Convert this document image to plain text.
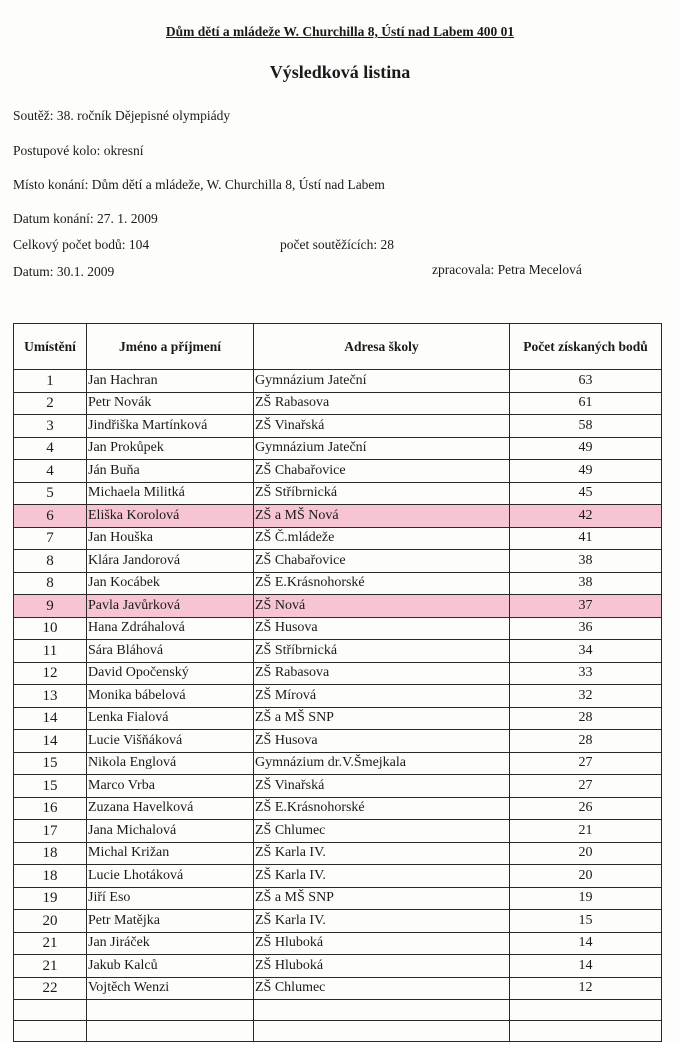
Dům dětí a mládeže W. Churchilla 8, Ústí nad Labem 400 01
Výsledková listina
Soutěž: 38. ročník Dějepisné olympiády
Postupové kolo: okresní
Místo konání: Dům dětí a mládeže, W. Churchilla 8, Ústí nad Labem
Datum konání: 27. 1. 2009
Celkový počet bodů: 104	počet soutěžících: 28
Datum: 30.1. 2009	zpracovala: Petra Mecelová
Umístění	Jméno a příjmení	Adresa školy	Počet získaných bodů
1	Jan Hachran	Gymnázium Jateční	63
2	Petr Novák	ZŠ Rabasova	61
3	Jindřiška Martínková	ZŠ Vinařská	58
4	Jan Prokůpek	Gymnázium Jateční	49
4	Ján Buňa	ZŠ Chabařovice	49
5	Michaela Militká	ZŠ Stříbrnická	45
6	Eliška Korolová	ZŠ a MŠ Nová	42
7	Jan Houška	ZŠ Č.mládeže	41
8	Klára Jandorová	ZŠ Chabařovice	38
8	Jan Kocábek	ZŠ E.Krásnohorské	38
9	Pavla Javůrková	ZŠ Nová	37
10	Hana Zdráhalová	ZŠ Husova	36
11	Sára Bláhová	ZŠ Stříbrnická	34
12	David Opočenský	ZŠ Rabasova	33
13	Monika bábelová	ZŠ Mírová	32
14	Lenka Fialová	ZŠ a MŠ SNP	28
14	Lucie Višňáková	ZŠ Husova	28
15	Nikola Englová	Gymnázium dr.V.Šmejkala	27
15	Marco Vrba	ZŠ Vinařská	27
16	Zuzana Havelková	ZŠ E.Krásnohorské	26
17	Jana Michalová	ZŠ Chlumec	21
18	Michal Križan	ZŠ Karla IV.	20
18	Lucie Lhotáková	ZŠ Karla IV.	20
19	Jiří Eso	ZŠ a MŠ SNP	19
20	Petr Matějka	ZŠ Karla IV.	15
21	Jan Jiráček	ZŠ Hluboká	14
21	Jakub Kalců	ZŠ Hluboká	14
22	Vojtěch Wenzi	ZŠ Chlumec	12
